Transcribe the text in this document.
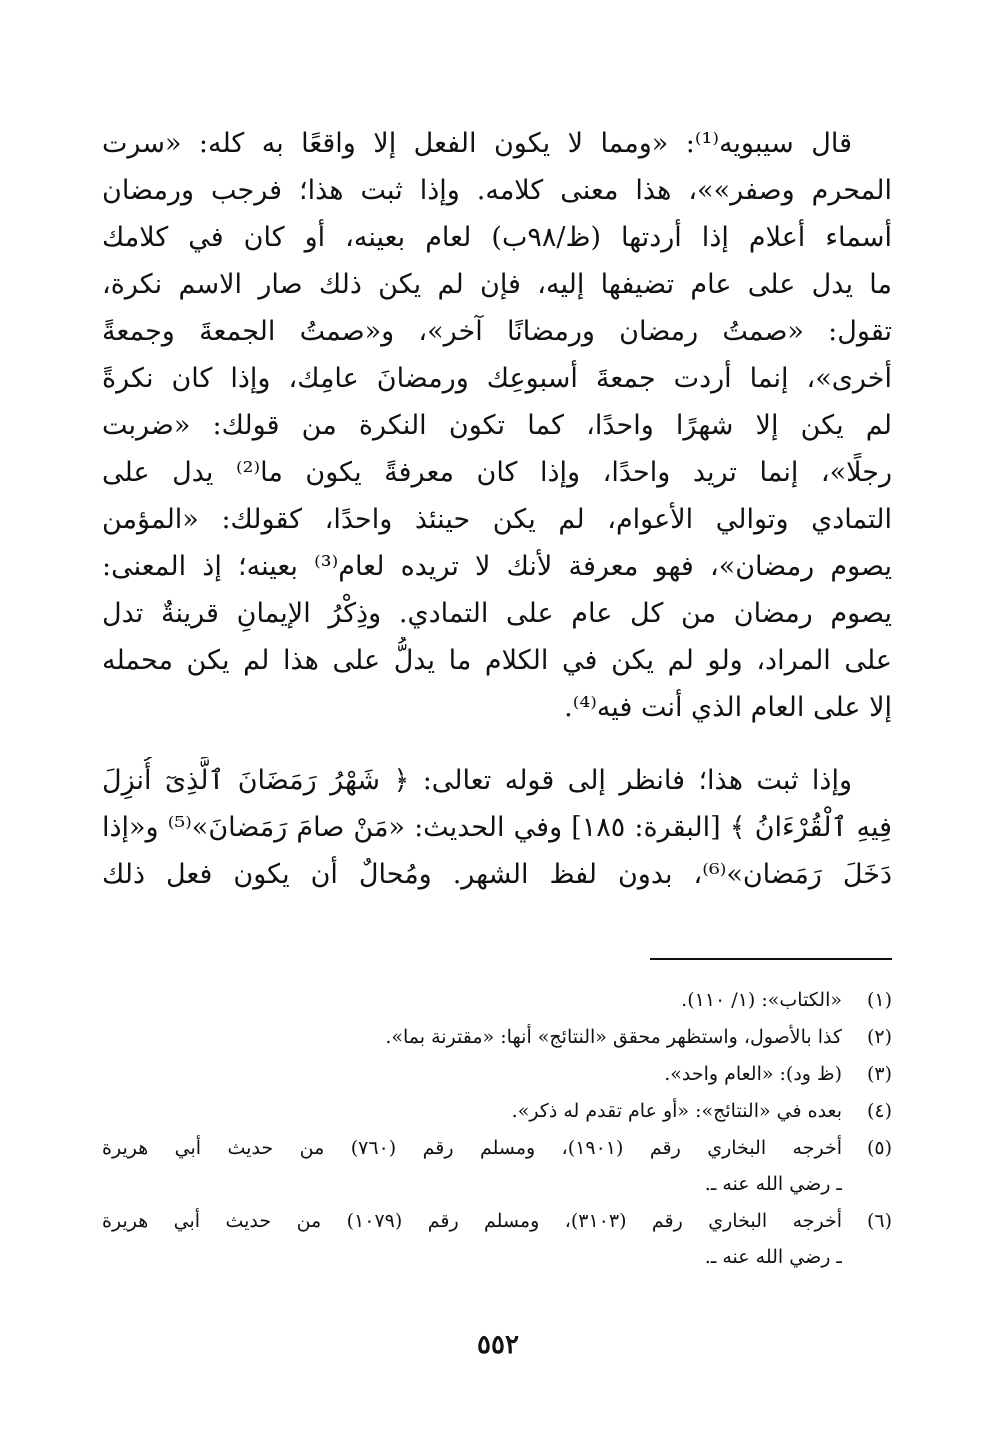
قال سيبويه⁽¹⁾: «ومما لا يكون الفعل إلا واقعًا به كله: «سرت
المحرم وصفر»»، هذا معنى كلامه. وإذا ثبت هذا؛ فرجب ورمضان
أسماء أعلام إذا أردتها (ظ/٩٨ب) لعام بعينه، أو كان في كلامك
ما يدل على عام تضيفها إليه، فإن لم يكن ذلك صار الاسم نكرة،
تقول: «صمتُ رمضان ورمضانًا آخر»، و«صمتُ الجمعةَ وجمعةً
أخرى»، إنما أردت جمعةَ أسبوعِك ورمضانَ عامِك، وإذا كان نكرةً
لم يكن إلا شهرًا واحدًا، كما تكون النكرة من قولك: «ضربت
رجلًا»، إنما تريد واحدًا، وإذا كان معرفةً يكون ما⁽²⁾ يدل على
التمادي وتوالي الأعوام، لم يكن حينئذ واحدًا، كقولك: «المؤمن
يصوم رمضان»، فهو معرفة لأنك لا تريده لعام⁽³⁾ بعينه؛ إذ المعنى:
يصوم رمضان من كل عام على التمادي. وذِكْرُ الإيمانِ قرينةٌ تدل
على المراد، ولو لم يكن في الكلام ما يدلُّ على هذا لم يكن محمله
إلا على العام الذي أنت فيه⁽⁴⁾.
وإذا ثبت هذا؛ فانظر إلى قوله تعالى: ﴿ شَهْرُ رَمَضَانَ ٱلَّذِىٓ أُنزِلَ
فِيهِ ٱلْقُرْءَانُ ﴾ [البقرة: ١٨٥] وفي الحديث: «مَنْ صامَ رَمَضانَ»⁽⁵⁾ و«إذا
دَخَلَ رَمَضان»⁽⁶⁾، بدون لفظ الشهر. ومُحالٌ أن يكون فعل ذلك
(١)
«الكتاب»: (١/ ١١٠).
(٢)
كذا بالأصول، واستظهر محقق «النتائج» أنها: «مقترنة بما».
(٣)
(ظ ود): «العام واحد».
(٤)
بعده في «النتائج»: «أو عام تقدم له ذكر».
(٥)
أخرجه البخاري رقم (١٩٠١)، ومسلم رقم (٧٦٠) من حديث أبي هريرة
ـ رضي الله عنه ـ.
(٦)
أخرجه البخاري رقم (٣١٠٣)، ومسلم رقم (١٠٧٩) من حديث أبي هريرة
ـ رضي الله عنه ـ.
٥٥٢
